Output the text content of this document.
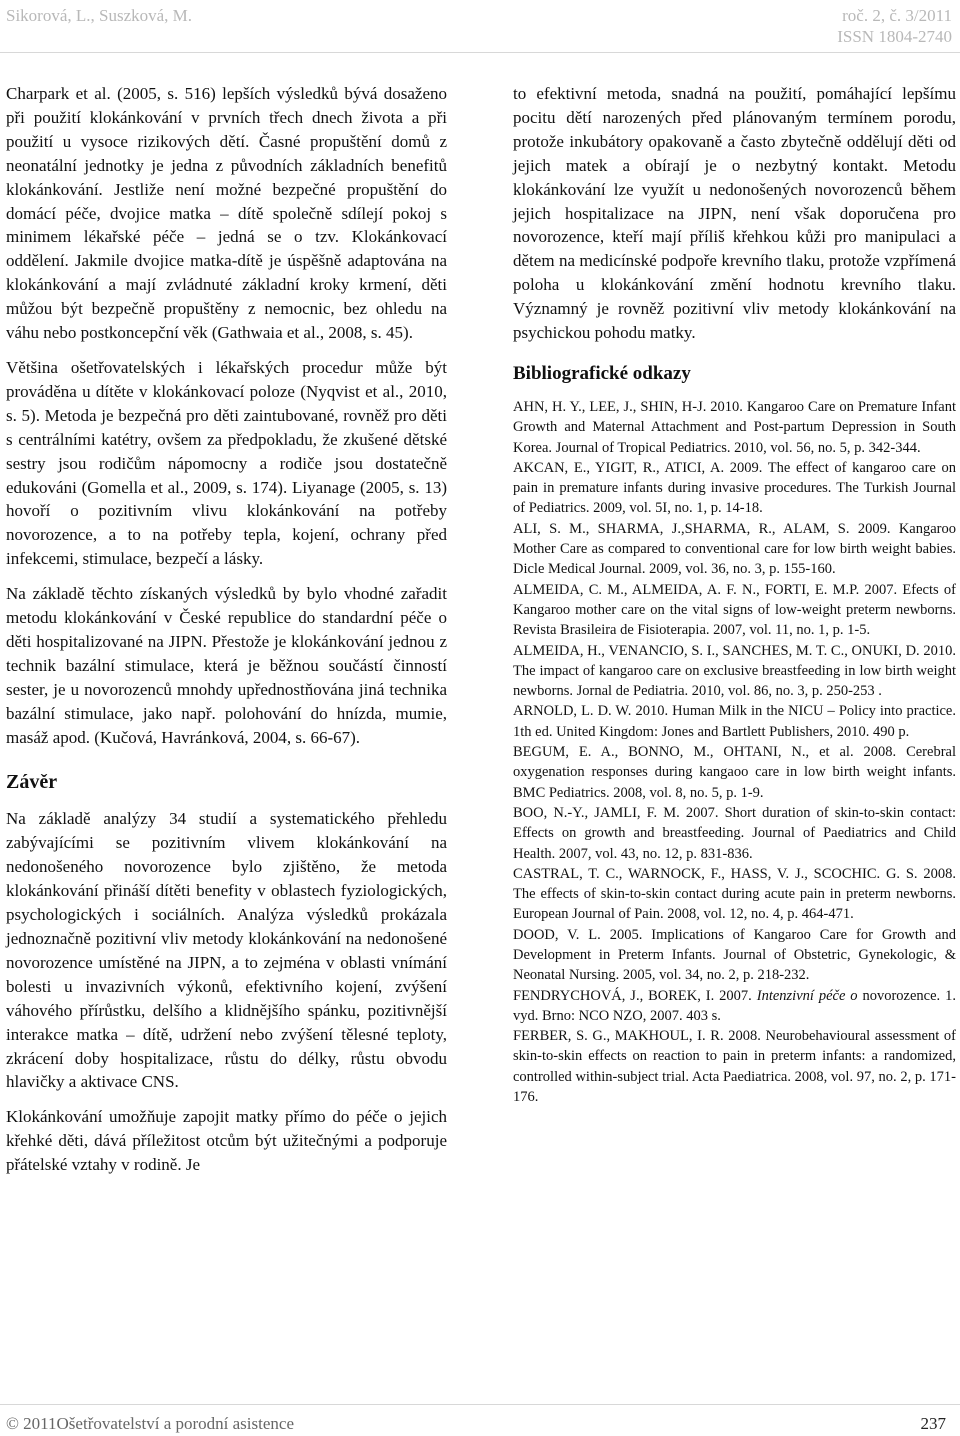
Sikorová, L., Suszková, M.	roč. 2, č. 3/2011
ISSN 1804-2740

Charpark et al. (2005, s. 516) lepších výsledků bývá dosaženo při použití klokánkování v prvních třech dnech života a při použití u vysoce rizikových dětí. Časné propuštění domů z neonatální jednotky je jedna z původních základních benefitů klokánkování. Jestliže není možné bezpečné propuštění do domácí péče, dvojice matka – dítě společně sdílejí pokoj s minimem lékařské péče – jedná se o tzv. Klokánkovací oddělení. Jakmile dvojice matka-dítě je úspěšně adaptována na klokánkování a mají zvládnuté základní kroky krmení, děti můžou být bezpečně propuštěny z nemocnic, bez ohledu na váhu nebo postkoncepční věk (Gathwaia et al., 2008, s. 45).

Většina ošetřovatelských i lékařských procedur může být prováděna u dítěte v klokánkovací poloze (Nyqvist et al., 2010, s. 5). Metoda je bezpečná pro děti zaintubované, rovněž pro děti s centrálními katétry, ovšem za předpokladu, že zkušené dětské sestry jsou rodičům nápomocny a rodiče jsou dostatečně edukováni (Gomella et al., 2009, s. 174). Liyanage (2005, s. 13) hovoří o pozitivním vlivu klokánkování na potřeby novorozence, a to na potřeby tepla, kojení, ochrany před infekcemi, stimulace, bezpečí a lásky.

Na základě těchto získaných výsledků by bylo vhodné zařadit metodu klokánkování v České republice do standardní péče o děti hospitalizované na JIPN. Přestože je klokánkování jednou z technik bazální stimulace, která je běžnou součástí činností sester, je u novorozenců mnohdy upřednostňována jiná technika bazální stimulace, jako např. polohování do hnízda, mumie, masáž apod. (Kučová, Havránková, 2004, s. 66-67).

Závěr

Na základě analýzy 34 studií a systematického přehledu zabývajícími se pozitivním vlivem klokánkování na nedonošeného novorozence bylo zjištěno, že metoda klokánkování přináší dítěti benefity v oblastech fyziologických, psychologických i sociálních. Analýza výsledků prokázala jednoznačně pozitivní vliv metody klokánkování na nedonošené novorozence umístěné na JIPN, a to zejména v oblasti vnímání bolesti u invazivních výkonů, efektivního kojení, zvýšení váhového přírůstku, delšího a klidnějšího spánku, pozitivnější interakce matka – dítě, udržení nebo zvýšení tělesné teploty, zkrácení doby hospitalizace, růstu do délky, růstu obvodu hlavičky a aktivace CNS.

Klokánkování umožňuje zapojit matky přímo do péče o jejich křehké děti, dává příležitost otcům být užitečnými a podporuje přátelské vztahy v rodině. Je

to efektivní metoda, snadná na použití, pomáhající lepšímu pocitu dětí narozených před plánovaným termínem porodu, protože inkubátory opakovaně a často zbytečně oddělují děti od jejich matek a obírají je o nezbytný kontakt. Metodu klokánkování lze využít u nedonošených novorozenců během jejich hospitalizace na JIPN, není však doporučena pro novorozence, kteří mají příliš křehkou kůži pro manipulaci a dětem na medicínské podpoře krevního tlaku, protože vzpřímená poloha u klokánkování změní hodnotu krevního tlaku. Významný je rovněž pozitivní vliv metody klokánkování na psychickou pohodu matky.

Bibliografické odkazy

AHN, H. Y., LEE, J., SHIN, H-J. 2010. Kangaroo Care on Premature Infant Growth and Maternal Attachment and Post-partum Depression in South Korea. Journal of Tropical Pediatrics. 2010, vol. 56, no. 5, p. 342-344.

AKCAN, E., YIGIT, R., ATICI, A. 2009. The effect of kangaroo care on pain in premature infants during invasive procedures. The Turkish Journal of Pediatrics. 2009, vol. 5I, no. 1, p. 14-18.

ALI, S. M., SHARMA, J.,SHARMA, R., ALAM, S. 2009. Kangaroo Mother Care as compared to conventional care for low birth weight babies. Dicle Medical Journal. 2009, vol. 36, no. 3, p. 155-160.

ALMEIDA, C. M., ALMEIDA, A. F. N., FORTI, E. M.P. 2007. Efects of Kangaroo mother care on the vital signs of low-weight preterm newborns. Revista Brasileira de Fisioterapia. 2007, vol. 11, no. 1, p. 1-5.

ALMEIDA, H., VENANCIO, S. I., SANCHES, M. T. C., ONUKI, D. 2010. The impact of kangaroo care on exclusive breastfeeding in low birth weight newborns. Jornal de Pediatria. 2010, vol. 86, no. 3, p. 250-253 .

ARNOLD, L. D. W. 2010. Human Milk in the NICU – Policy into practice. 1th ed. United Kingdom: Jones and Bartlett Publishers, 2010. 490 p.

BEGUM, E. A., BONNO, M., OHTANI, N., et al. 2008. Cerebral oxygenation responses during kangaoo care in low birth weight infants. BMC Pediatrics. 2008, vol. 8, no. 5, p. 1-9.

BOO, N.-Y., JAMLI, F. M. 2007. Short duration of skin-to-skin contact: Effects on growth and breastfeeding. Journal of Paediatrics and Child Health. 2007, vol. 43, no. 12, p. 831-836.

CASTRAL, T. C., WARNOCK, F., HASS, V. J., SCOCHIC. G. S. 2008. The effects of skin-to-skin contact during acute pain in preterm newborns. European Journal of Pain. 2008, vol. 12, no. 4, p. 464-471.

DOOD, V. L. 2005. Implications of Kangaroo Care for Growth and Development in Preterm Infants. Journal of Obstetric, Gynekologic, & Neonatal Nursing. 2005, vol. 34, no. 2, p. 218-232.

FENDRYCHOVÁ, J., BOREK, I. 2007. Intenzivní péče o novorozence. 1. vyd. Brno: NCO NZO, 2007. 403 s.

FERBER, S. G., MAKHOUL, I. R. 2008. Neurobehavioural assessment of skin-to-skin effects on reaction to pain in preterm infants: a randomized, controlled within-subject trial. Acta Paediatrica. 2008, vol. 97, no. 2, p. 171-176.

© 2011Ošetřovatelství a porodní asistence	237
